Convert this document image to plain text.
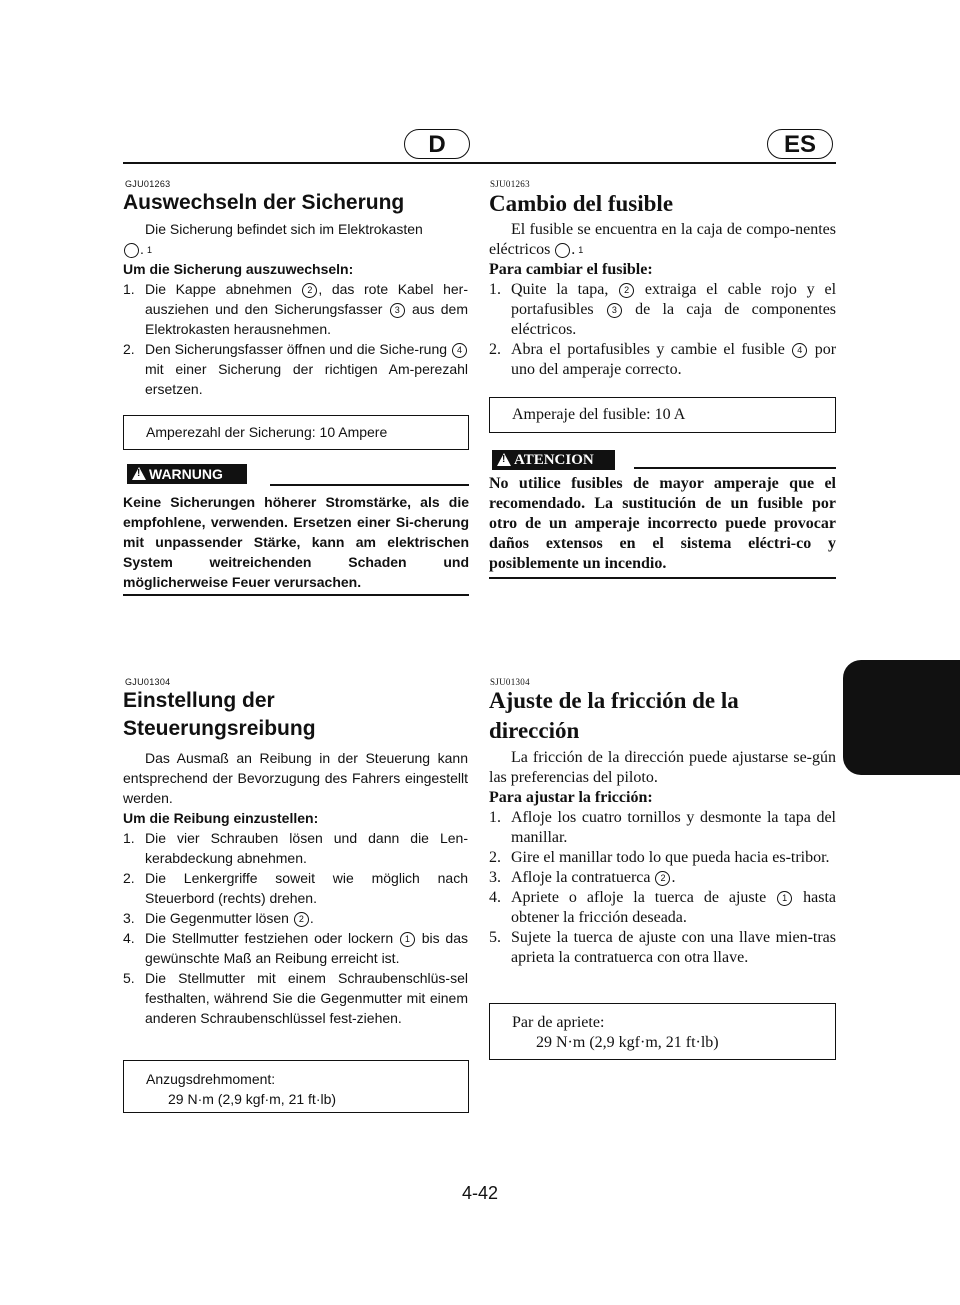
D	ES
GJU01263
Auswechseln der Sicherung

Die Sicherung befindet sich im Elektrokasten
1.

Um die Sicherung auszuwechseln:

1. Die Kappe abnehmen 2 , das rote Kabel her-ausziehen und den Sicherungsfasser 3 aus dem Elektrokasten herausnehmen.
2. Den Sicherungsfasser öffnen und die Siche-rung 4 mit einer Sicherung der richtigen Am-perezahl ersetzen.
Amperezahl der Sicherung: 10 Ampere
!
WARNUNG
Keine Sicherungen höherer Stromstärke, als die empfohlene, verwenden. Ersetzen einer Si-cherung mit unpassender Stärke, kann am elektrischen System weitreichenden Schaden und möglicherweise Feuer verursachen.
SJU01263
Cambio del fusible

El fusible se encuentra en la caja de compo-nentes eléctricos	1.

Para cambiar el fusible:

1. Quite la tapa, 2 extraiga el cable rojo y el portafusibles 3 de la caja de componentes eléctricos.
2. Abra el portafusibles y cambie el fusible 4 por uno del amperaje correcto.
Amperaje del fusible: 10 A
!
ATENCION
No utilice fusibles de mayor amperaje que el recomendado. La sustitución de un fusible por otro de un amperaje incorrecto puede provocar daños extensos en el sistema eléctri-co y posiblemente un incendio.
GJU01304
Einstellung der
Steuerungsreibung

Das Ausmaß an Reibung in der Steuerung kann entsprechend der Bevorzugung des Fahrers eingestellt werden.

Um die Reibung einzustellen:

1. Die vier Schrauben lösen und dann die Len-kerabdeckung abnehmen.
2. Die Lenkergriffe soweit wie möglich nach Steuerbord (rechts) drehen.
3. Die Gegenmutter lösen 2 .
4. Die Stellmutter festziehen oder lockern 1 bis das gewünschte Maß an Reibung erreicht ist.
5. Die Stellmutter mit einem Schraubenschlüs-sel festhalten, während Sie die Gegenmutter mit einem anderen Schraubenschlüssel fest-ziehen.
Anzugsdrehmoment:
29 N·m (2,9 kgf·m, 21 ft·lb)
SJU01304
Ajuste de la fricción de la
dirección

La fricción de la dirección puede ajustarse se-gún las preferencias del piloto.

Para ajustar la fricción:

1. Afloje los cuatro tornillos y desmonte la tapa del manillar.
2. Gire el manillar todo lo que pueda hacia es-tribor.
3. Afloje la contratuerca 2 .
4. Apriete o afloje la tuerca de ajuste 1 hasta obtener la fricción deseada.
5. Sujete la tuerca de ajuste con una llave mien-tras aprieta la contratuerca con otra llave.
Par de apriete:
29 N·m (2,9 kgf·m, 21 ft·lb)
4-42
